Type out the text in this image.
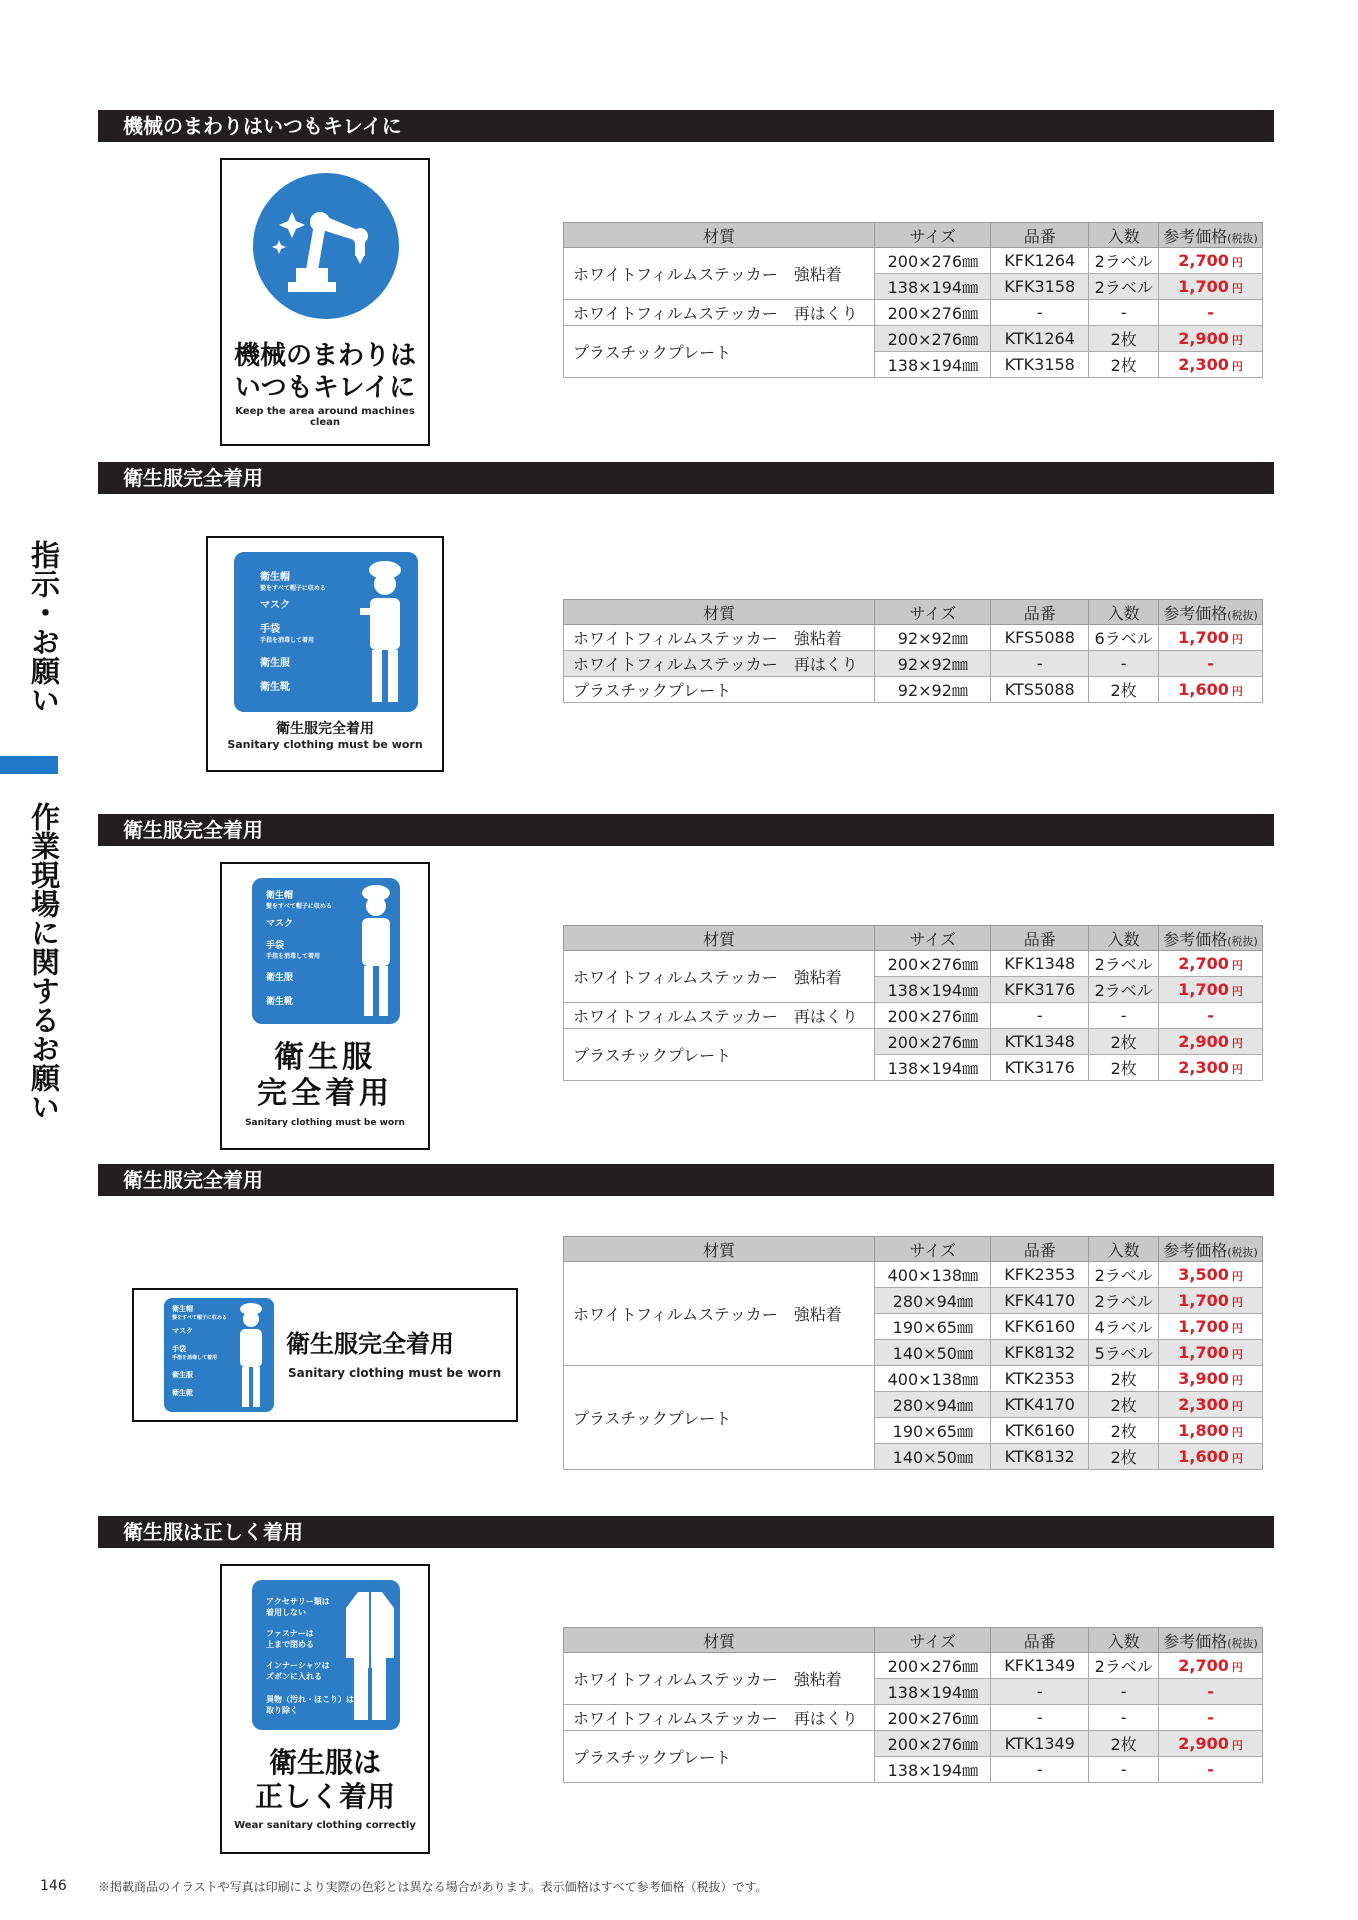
指示・お願い
作業現場に関するお願い
機械のまわりはいつもキレイに
機械のまわりは
いつもキレイに
Keep the area around machines clean
材質	サイズ	品番	入数	参考価格(税抜)
ホワイトフィルムステッカー　強粘着	200×276㎜	KFK1264	2ラベル	2,700 円
	138×194㎜	KFK3158	2ラベル	1,700 円
ホワイトフィルムステッカー　再はくり	200×276㎜	-	-	-
プラスチックプレート	200×276㎜	KTK1264	2枚	2,900 円
	138×194㎜	KTK3158	2枚	2,300 円
衛生服完全着用
衛生帽
髪をすべて帽子に収める
マスク
手袋
手指を消毒して着用
衛生服
衛生靴
衛生服完全着用
Sanitary clothing must be worn
材質	サイズ	品番	入数	参考価格(税抜)
ホワイトフィルムステッカー　強粘着	92×92㎜	KFS5088	6ラベル	1,700 円
ホワイトフィルムステッカー　再はくり	92×92㎜	-	-	-
プラスチックプレート	92×92㎜	KTS5088	2枚	1,600 円
衛生服完全着用
衛生帽
髪をすべて帽子に収める
マスク
手袋
手指を消毒して着用
衛生服
衛生靴
衛生服
完全着用
Sanitary clothing must be worn
材質	サイズ	品番	入数	参考価格(税抜)
ホワイトフィルムステッカー　強粘着	200×276㎜	KFK1348	2ラベル	2,700 円
	138×194㎜	KFK3176	2ラベル	1,700 円
ホワイトフィルムステッカー　再はくり	200×276㎜	-	-	-
プラスチックプレート	200×276㎜	KTK1348	2枚	2,900 円
	138×194㎜	KTK3176	2枚	2,300 円
衛生服完全着用
衛生帽
髪をすべて帽子に収める
マスク
手袋
手指を消毒して着用
衛生服
衛生靴
衛生服完全着用
Sanitary clothing must be worn
材質	サイズ	品番	入数	参考価格(税抜)
ホワイトフィルムステッカー　強粘着	400×138㎜	KFK2353	2ラベル	3,500 円
	280×94㎜	KFK4170	2ラベル	1,700 円
	190×65㎜	KFK6160	4ラベル	1,700 円
	140×50㎜	KFK8132	5ラベル	1,700 円
プラスチックプレート	400×138㎜	KTK2353	2枚	3,900 円
	280×94㎜	KTK4170	2枚	2,300 円
	190×65㎜	KTK6160	2枚	1,800 円
	140×50㎜	KTK8132	2枚	1,600 円
衛生服は正しく着用
アクセサリー類は
着用しない
ファスナーは
上まで閉める
インナーシャツは
ズボンに入れる
異物（汚れ・ほこり）は
取り除く
衛生服は
正しく着用
Wear sanitary clothing correctly
材質	サイズ	品番	入数	参考価格(税抜)
ホワイトフィルムステッカー　強粘着	200×276㎜	KFK1349	2ラベル	2,700 円
	138×194㎜	-	-	-
ホワイトフィルムステッカー　再はくり	200×276㎜	-	-	-
プラスチックプレート	200×276㎜	KTK1349	2枚	2,900 円
	138×194㎜	-	-	-
146	※掲載商品のイラストや写真は印刷により実際の色彩とは異なる場合があります。表示価格はすべて参考価格（税抜）です。
